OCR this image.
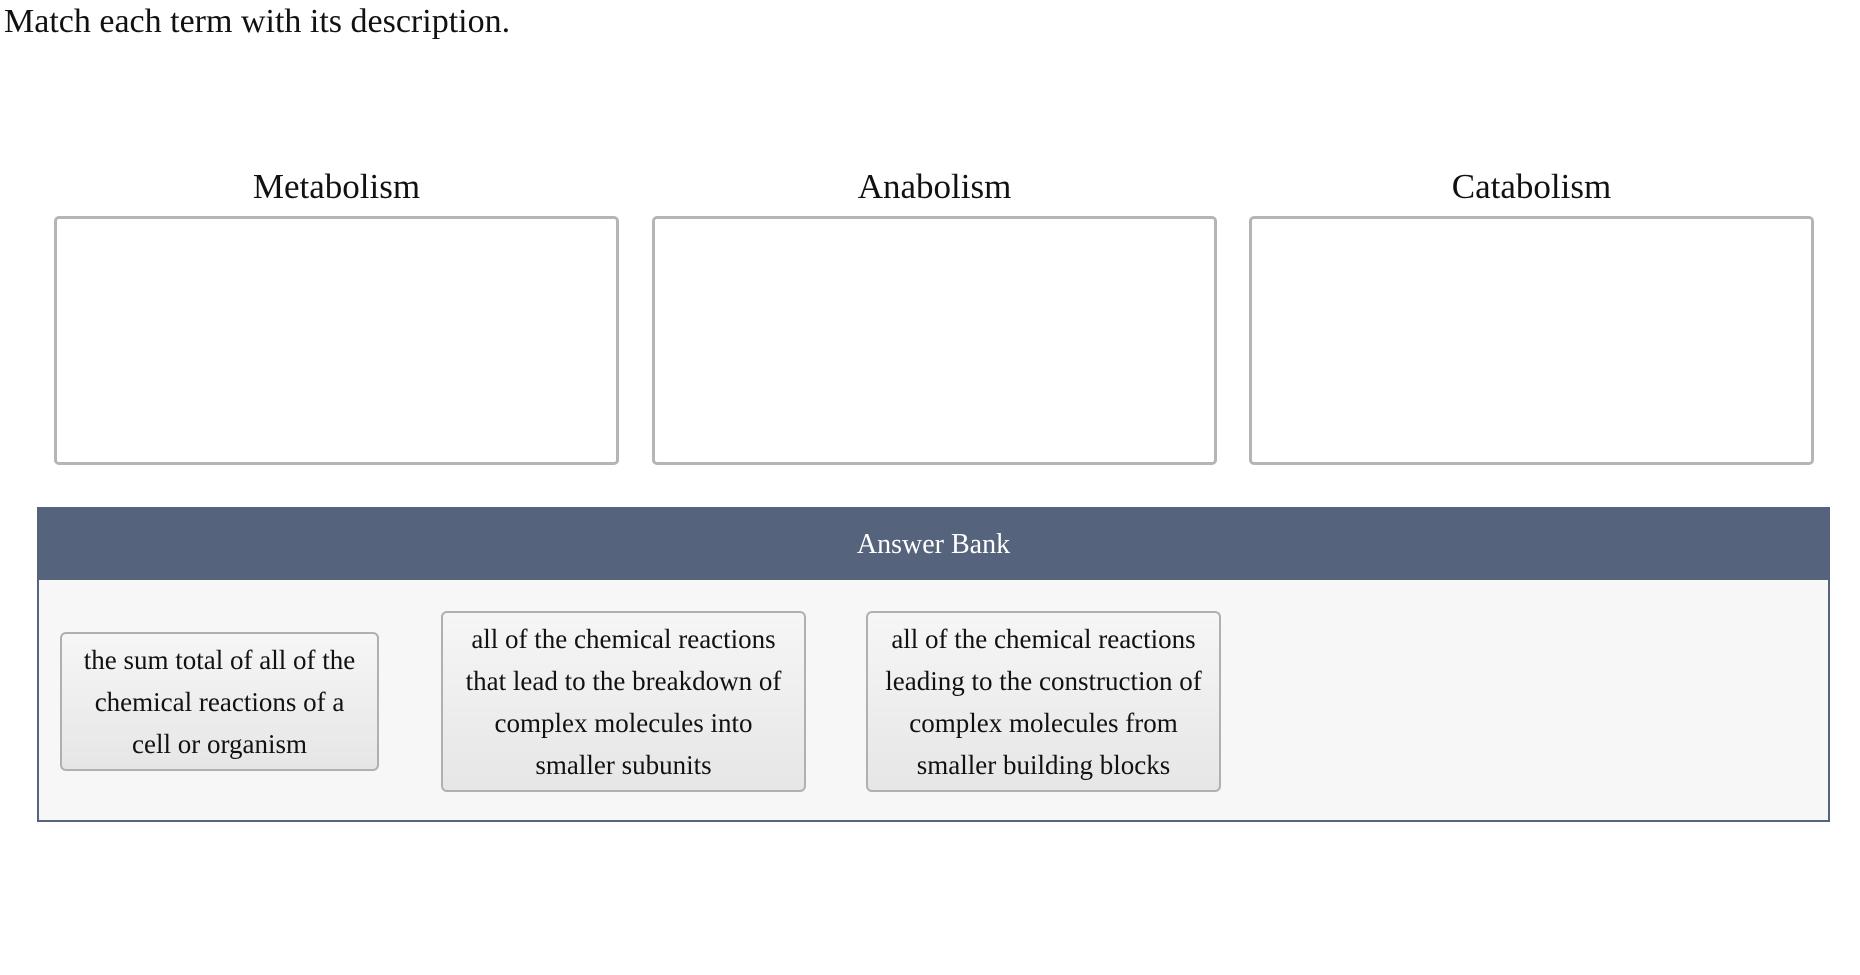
Match each term with its description.
Metabolism	Anabolism	Catabolism
Answer Bank
the sum total of all of the chemical reactions of a cell or organism
all of the chemical reactions that lead to the breakdown of complex molecules into smaller subunits
all of the chemical reactions leading to the construction of complex molecules from smaller building blocks
